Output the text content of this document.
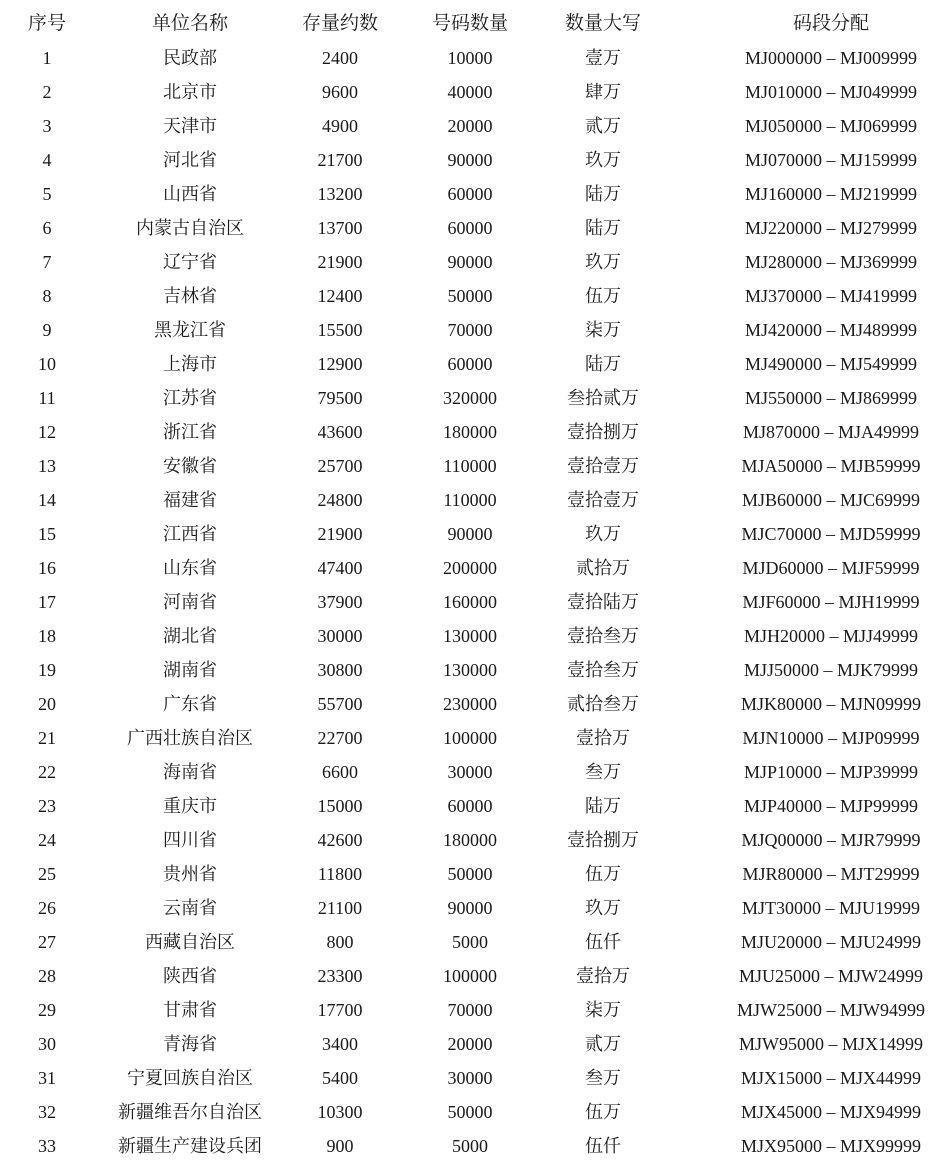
序号	单位名称	存量约数	号码数量	数量大写	码段分配
1	民政部	2400	10000	壹万	MJ000000 – MJ009999
2	北京市	9600	40000	肆万	MJ010000 – MJ049999
3	天津市	4900	20000	贰万	MJ050000 – MJ069999
4	河北省	21700	90000	玖万	MJ070000 – MJ159999
5	山西省	13200	60000	陆万	MJ160000 – MJ219999
6	内蒙古自治区	13700	60000	陆万	MJ220000 – MJ279999
7	辽宁省	21900	90000	玖万	MJ280000 – MJ369999
8	吉林省	12400	50000	伍万	MJ370000 – MJ419999
9	黑龙江省	15500	70000	柒万	MJ420000 – MJ489999
10	上海市	12900	60000	陆万	MJ490000 – MJ549999
11	江苏省	79500	320000	叁拾贰万	MJ550000 – MJ869999
12	浙江省	43600	180000	壹拾捌万	MJ870000 – MJA49999
13	安徽省	25700	110000	壹拾壹万	MJA50000 – MJB59999
14	福建省	24800	110000	壹拾壹万	MJB60000 – MJC69999
15	江西省	21900	90000	玖万	MJC70000 – MJD59999
16	山东省	47400	200000	贰拾万	MJD60000 – MJF59999
17	河南省	37900	160000	壹拾陆万	MJF60000 – MJH19999
18	湖北省	30000	130000	壹拾叁万	MJH20000 – MJJ49999
19	湖南省	30800	130000	壹拾叁万	MJJ50000 – MJK79999
20	广东省	55700	230000	贰拾叁万	MJK80000 – MJN09999
21	广西壮族自治区	22700	100000	壹拾万	MJN10000 – MJP09999
22	海南省	6600	30000	叁万	MJP10000 – MJP39999
23	重庆市	15000	60000	陆万	MJP40000 – MJP99999
24	四川省	42600	180000	壹拾捌万	MJQ00000 – MJR79999
25	贵州省	11800	50000	伍万	MJR80000 – MJT29999
26	云南省	21100	90000	玖万	MJT30000 – MJU19999
27	西藏自治区	800	5000	伍仟	MJU20000 – MJU24999
28	陕西省	23300	100000	壹拾万	MJU25000 – MJW24999
29	甘肃省	17700	70000	柒万	MJW25000 – MJW94999
30	青海省	3400	20000	贰万	MJW95000 – MJX14999
31	宁夏回族自治区	5400	30000	叁万	MJX15000 – MJX44999
32	新疆维吾尔自治区	10300	50000	伍万	MJX45000 – MJX94999
33	新疆生产建设兵团	900	5000	伍仟	MJX95000 – MJX99999
